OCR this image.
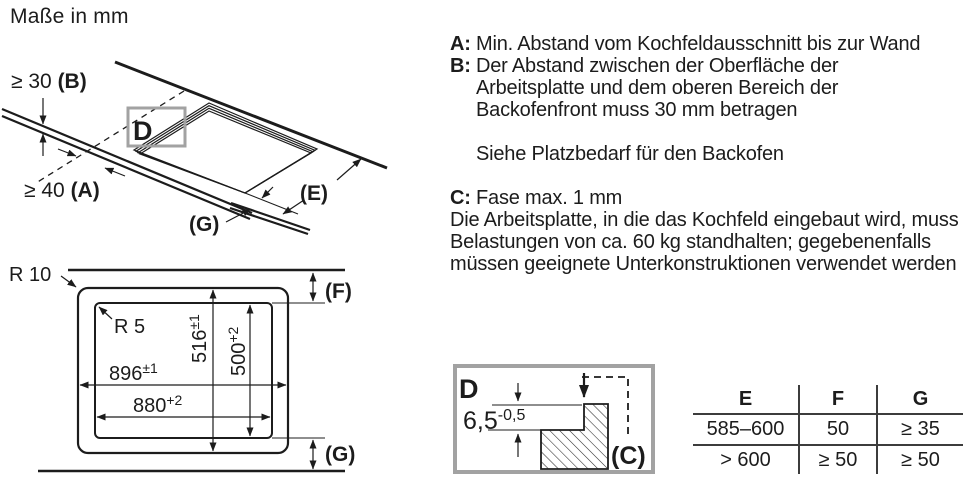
Maße in mm
≥ 30 (B)
≥ 40 (A)	(E)
(G)
D
R 10
R 5
$896^{\pm 1}$
$880^{+2}$
$516^{\pm 1}$
$500^{+2}$
(F)
(G)
A: Min. Abstand vom Kochfeldausschnitt bis zur Wand
B: Der Abstand zwischen der Oberfläche der Arbeitsplatte und dem oberen Bereich der Backofenfront muss 30 mm betragen
Siehe Platzbedarf für den Backofen
C: Fase max. 1 mm
Die Arbeitsplatte, in die das Kochfeld eingebaut wird, muss Belastungen von ca. 60 kg standhalten; gegebenenfalls müssen geeignete Unterkonstruktionen verwendet werden
D
$6,5^{-0,5}$
(C)
E	F	G
585–600	50	≥ 35
> 600	≥ 50	≥ 50
